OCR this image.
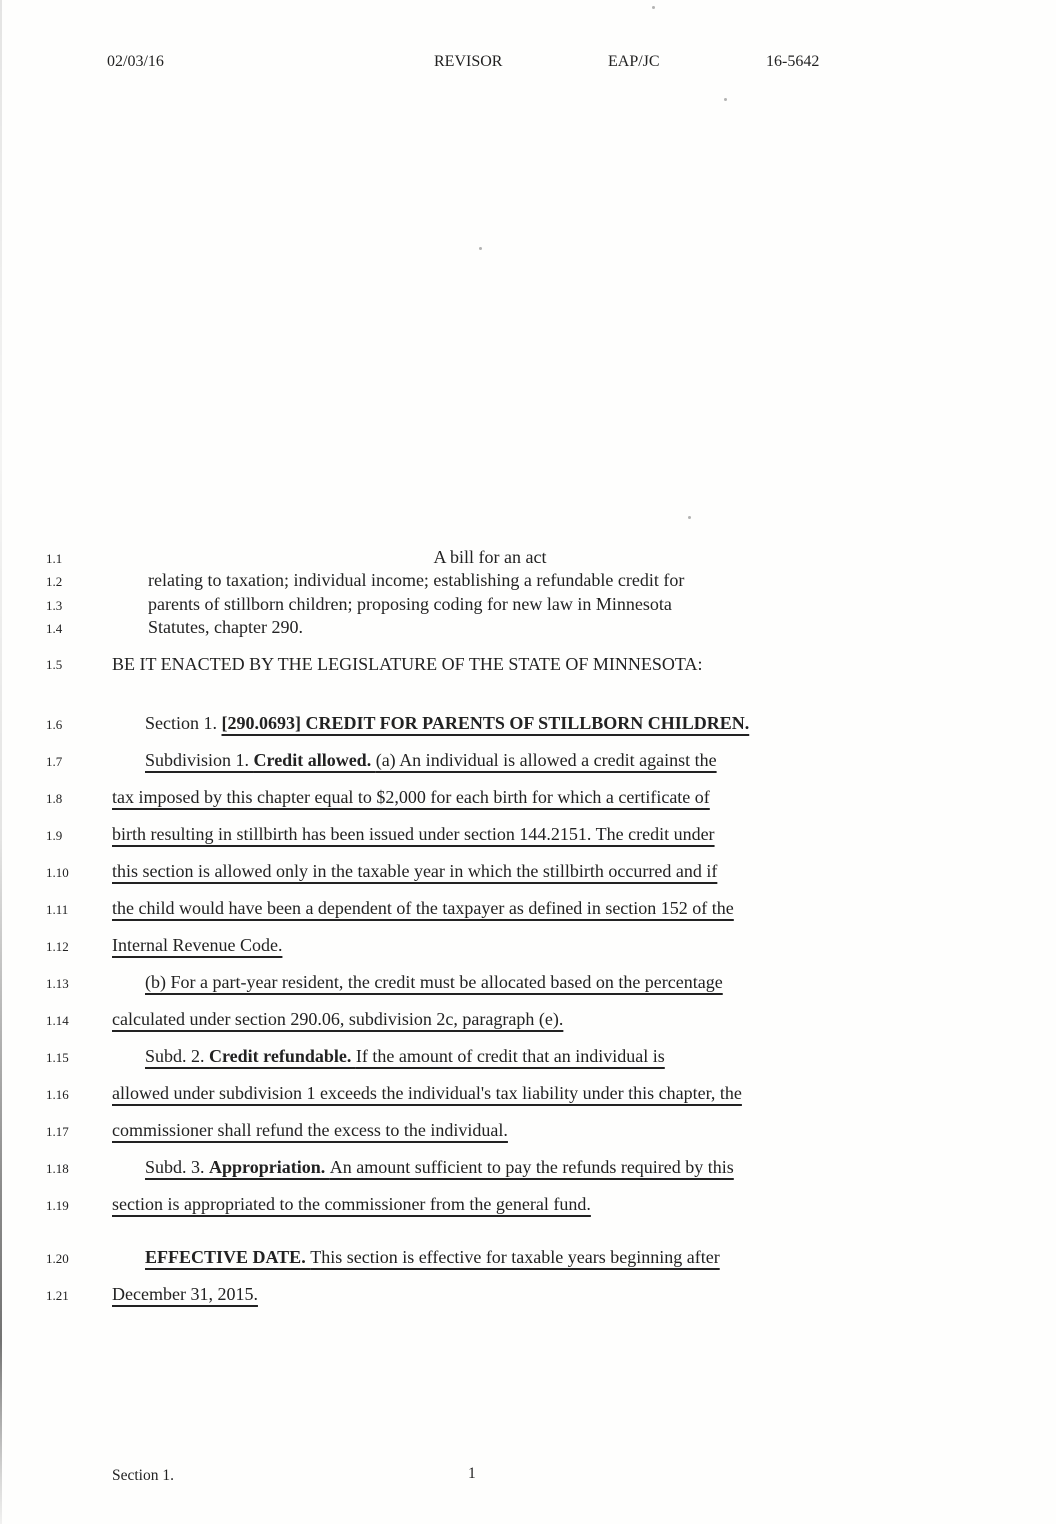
02/03/16	REVISOR	EAP/JC	16-5642
1.1	A bill for an act
1.2	relating to taxation; individual income; establishing a refundable credit for
1.3	parents of stillborn children; proposing coding for new law in Minnesota
1.4	Statutes, chapter 290.
1.5	BE IT ENACTED BY THE LEGISLATURE OF THE STATE OF MINNESOTA:
1.6	Section 1. [290.0693] CREDIT FOR PARENTS OF STILLBORN CHILDREN.
1.7	Subdivision 1. Credit allowed. (a) An individual is allowed a credit against the
1.8	tax imposed by this chapter equal to $2,000 for each birth for which a certificate of
1.9	birth resulting in stillbirth has been issued under section 144.2151. The credit under
1.10 this section is allowed only in the taxable year in which the stillbirth occurred and if
1.11 the child would have been a dependent of the taxpayer as defined in section 152 of the
1.12 Internal Revenue Code.
1.13	(b) For a part-year resident, the credit must be allocated based on the percentage
1.14 calculated under section 290.06, subdivision 2c, paragraph (e).
1.15	Subd. 2. Credit refundable. If the amount of credit that an individual is
1.16 allowed under subdivision 1 exceeds the individual's tax liability under this chapter, the
1.17 commissioner shall refund the excess to the individual.
1.18	Subd. 3. Appropriation. An amount sufficient to pay the refunds required by this
1.19 section is appropriated to the commissioner from the general fund.
1.20	EFFECTIVE DATE. This section is effective for taxable years beginning after
1.21 December 31, 2015.
Section 1.	1
